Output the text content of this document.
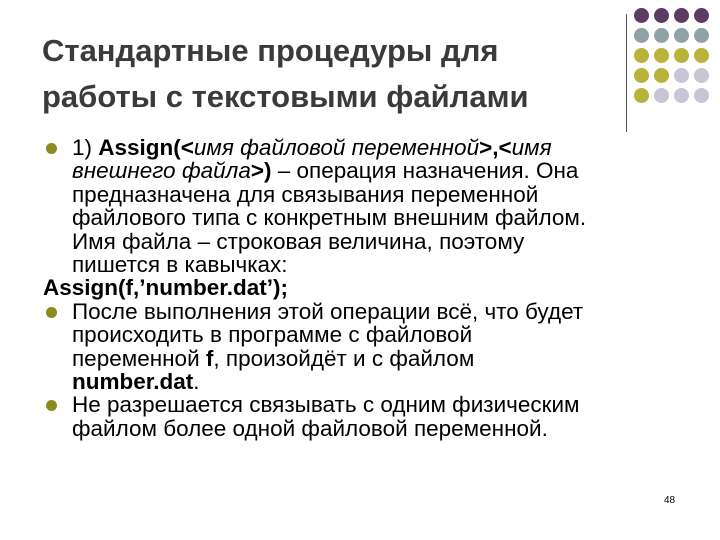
Стандартные процедуры для
работы с текстовыми файлами
1) Assign(<имя файловой переменной>,<имя
внешнего файла>) – операция назначения. Она
предназначена для связывания переменной
файлового типа с конкретным внешним файлом.
Имя файла – строковая величина, поэтому
пишется в кавычках:
Assign(f,’number.dat’);
После выполнения этой операции всё, что будет
происходить в программе с файловой
переменной f, произойдёт и с файлом
number.dat.
Не разрешается связывать с одним физическим
файлом более одной файловой переменной.
48
